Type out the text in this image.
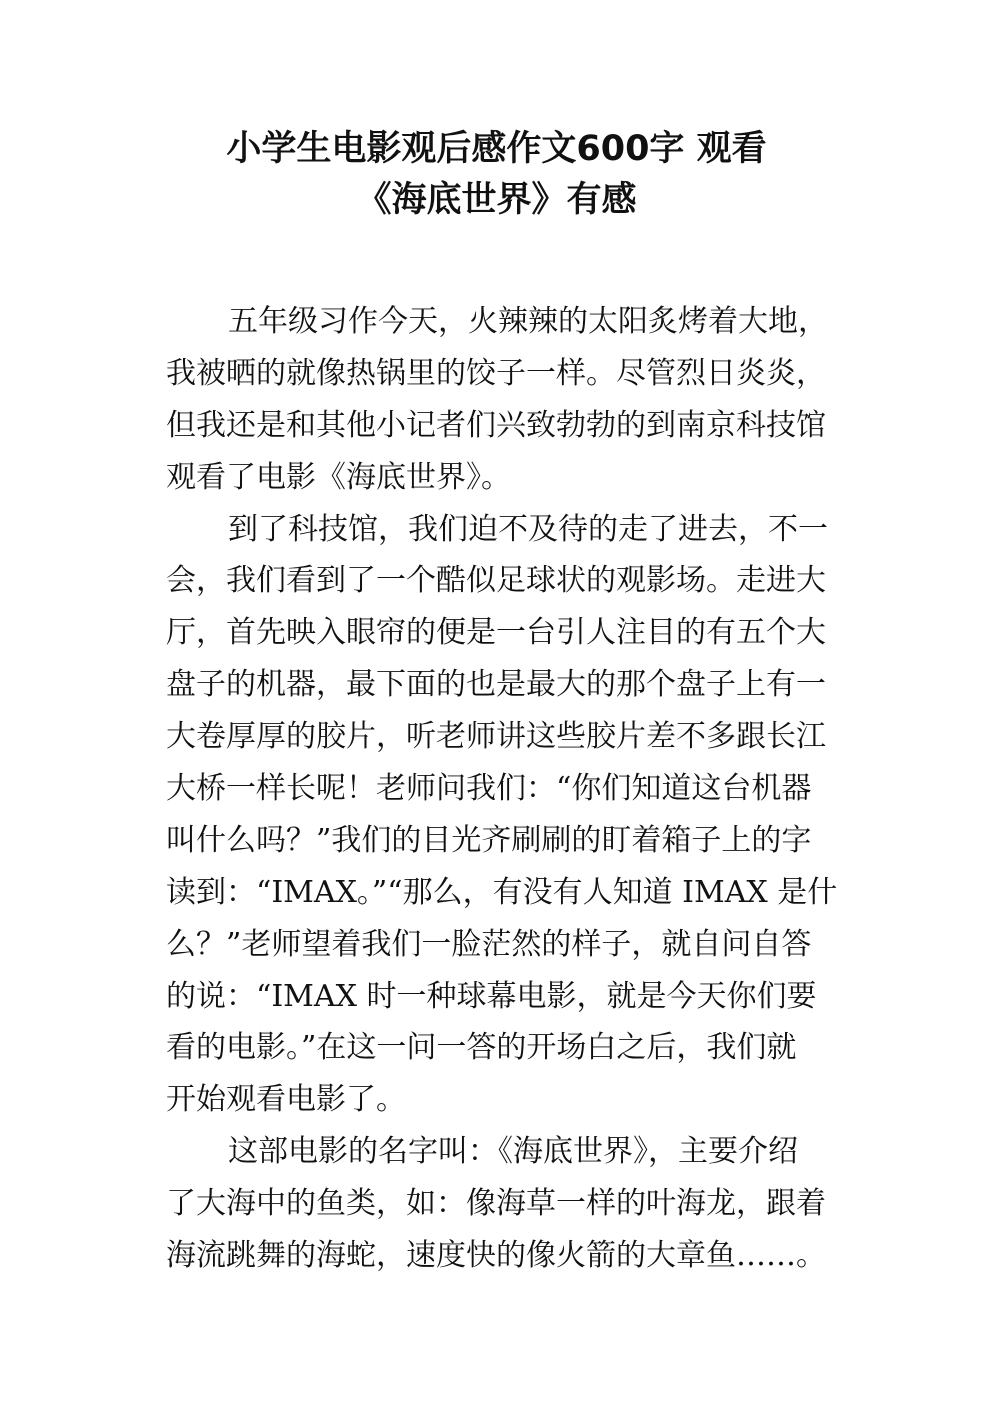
小学生电影观后感作文600字 观看
《海底世界》有感
五年级习作今天，火辣辣的太阳炙烤着大地，
我被晒的就像热锅里的饺子一样。尽管烈日炎炎，
但我还是和其他小记者们兴致勃勃的到南京科技馆
观看了电影《海底世界》。
到了科技馆，我们迫不及待的走了进去，不一
会，我们看到了一个酷似足球状的观影场。走进大
厅，首先映入眼帘的便是一台引人注目的有五个大
盘子的机器，最下面的也是最大的那个盘子上有一
大卷厚厚的胶片，听老师讲这些胶片差不多跟长江
大桥一样长呢！老师问我们：“你们知道这台机器
叫什么吗？”我们的目光齐刷刷的盯着箱子上的字
读到：“IMAX。”“那么，有没有人知道 IMAX 是什
么？”老师望着我们一脸茫然的样子，就自问自答
的说：“IMAX 时一种球幕电影，就是今天你们要
看的电影。”在这一问一答的开场白之后，我们就
开始观看电影了。
这部电影的名字叫：《海底世界》，主要介绍
了大海中的鱼类，如：像海草一样的叶海龙，跟着
海流跳舞的海蛇，速度快的像火箭的大章鱼……。
